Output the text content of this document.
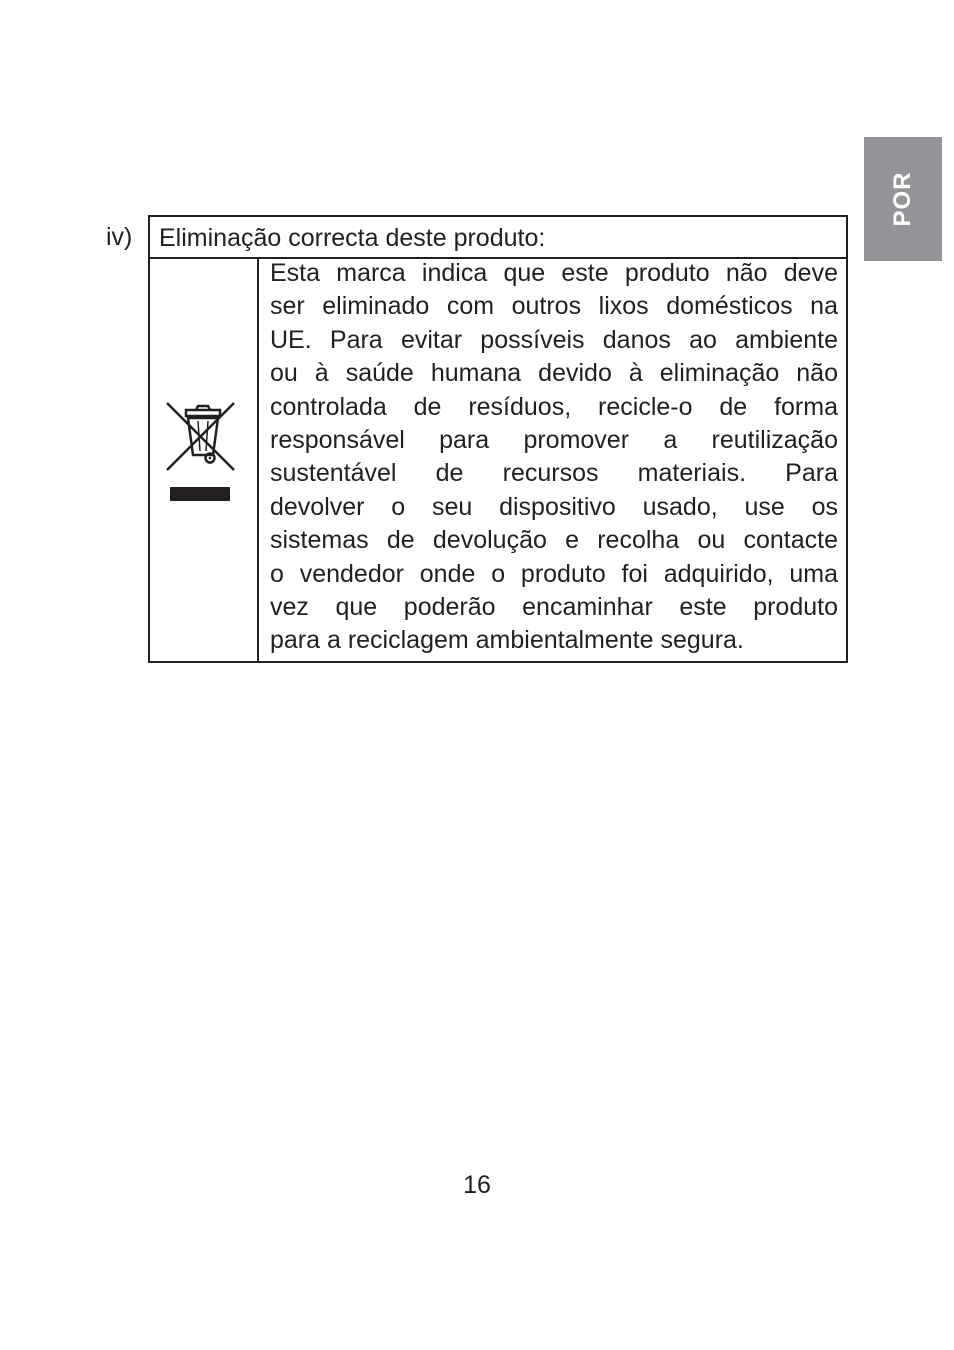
POR
iv) Eliminação correcta deste produto:
Esta marca indica que este produto não deve
ser eliminado com outros lixos domésticos na
UE. Para evitar possíveis danos ao ambiente
ou à saúde humana devido à eliminação não
controlada de resíduos, recicle-o de forma
responsável para promover a reutilização
sustentável de recursos materiais. Para
devolver o seu dispositivo usado, use os
sistemas de devolução e recolha ou contacte
o vendedor onde o produto foi adquirido, uma
vez que poderão encaminhar este produto
para a reciclagem ambientalmente segura.
16
